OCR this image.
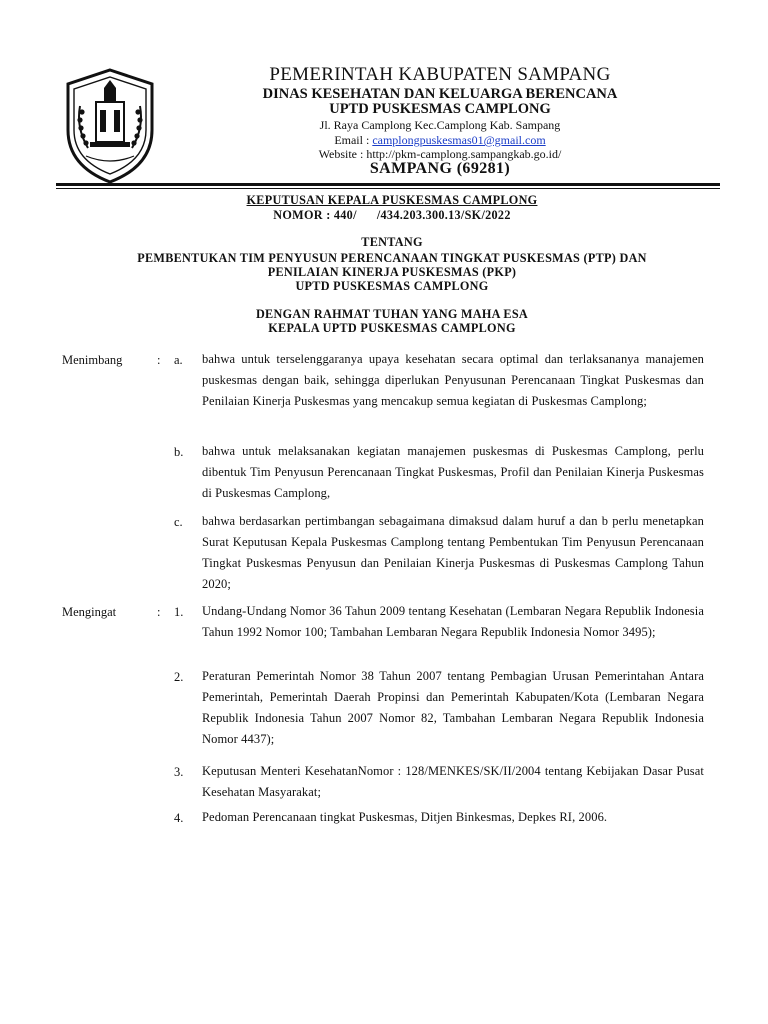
PEMERINTAH KABUPATEN SAMPANG
DINAS KESEHATAN DAN KELUARGA BERENCANA
UPTD PUSKESMAS CAMPLONG
Jl. Raya Camplong Kec.Camplong Kab. Sampang
Email : camplongpuskesmas01@gmail.com
Website : http://pkm-camplong.sampangkab.go.id/
SAMPANG (69281)
KEPUTUSAN KEPALA PUSKESMAS CAMPLONG
NOMOR : 440/      /434.203.300.13/SK/2022
TENTANG
PEMBENTUKAN TIM PENYUSUN PERENCANAAN TINGKAT PUSKESMAS (PTP) DAN
PENILAIAN KINERJA PUSKESMAS (PKP)
UPTD PUSKESMAS CAMPLONG
DENGAN RAHMAT TUHAN YANG MAHA ESA
KEPALA UPTD PUSKESMAS CAMPLONG
Menimbang	: a. bahwa untuk terselenggaranya upaya kesehatan secara optimal dan terlaksananya manajemen puskesmas dengan baik, sehingga diperlukan Penyusunan Perencanaan Tingkat Puskesmas dan Penilaian Kinerja Puskesmas yang mencakup semua kegiatan di Puskesmas Camplong;
b. bahwa untuk melaksanakan kegiatan manajemen puskesmas di Puskesmas Camplong, perlu dibentuk Tim Penyusun Perencanaan Tingkat Puskesmas, Profil dan Penilaian Kinerja Puskesmas di Puskesmas Camplong,
c. bahwa berdasarkan pertimbangan sebagaimana dimaksud dalam huruf a dan b perlu menetapkan Surat Keputusan Kepala Puskesmas Camplong tentang Pembentukan Tim Penyusun Perencanaan Tingkat Puskesmas Penyusun dan Penilaian Kinerja Puskesmas di Puskesmas Camplong Tahun 2020;
Mengingat	: 1. Undang-Undang Nomor 36 Tahun 2009 tentang Kesehatan (Lembaran Negara Republik Indonesia Tahun 1992 Nomor 100; Tambahan Lembaran Negara Republik Indonesia Nomor 3495);
2. Peraturan Pemerintah Nomor 38 Tahun 2007 tentang Pembagian Urusan Pemerintahan Antara Pemerintah, Pemerintah Daerah Propinsi dan Pemerintah Kabupaten/Kota (Lembaran Negara Republik Indonesia Tahun 2007 Nomor 82, Tambahan Lembaran Negara Republik Indonesia Nomor 4437);
3. Keputusan Menteri KesehatanNomor : 128/MENKES/SK/II/2004 tentang Kebijakan Dasar Pusat Kesehatan Masyarakat;
4. Pedoman Perencanaan tingkat Puskesmas, Ditjen Binkesmas, Depkes RI, 2006.
